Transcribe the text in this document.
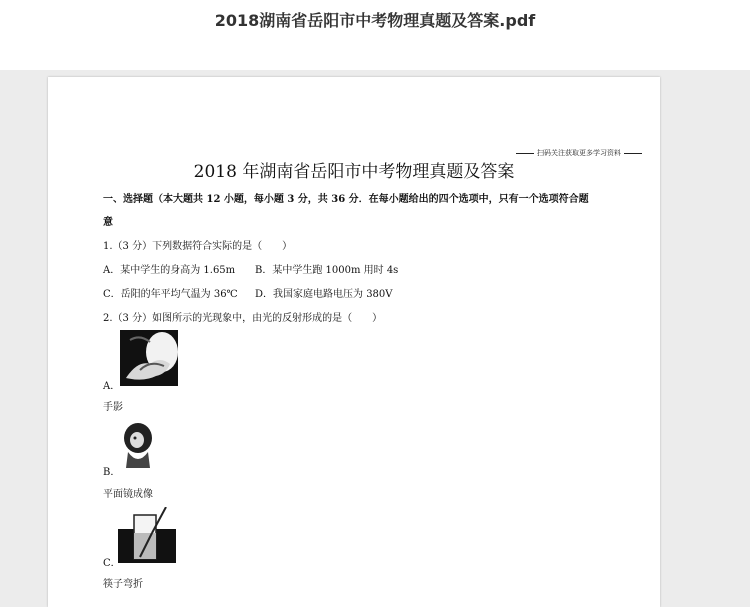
2018湖南省岳阳市中考物理真题及答案.pdf
扫码关注获取更多学习资料
2018 年湖南省岳阳市中考物理真题及答案
一、选择题（本大题共 12 小题，每小题 3 分，共 36 分．在每小题给出的四个选项中，只有一个选项符合题
意
1.（3 分）下列数据符合实际的是（　　）
A．某中学生的身高为 1.65m B．某中学生跑 1000m 用时 4s
C．岳阳的年平均气温为 36℃ D．我国家庭电路电压为 380V
2.（3 分）如图所示的光现象中，由光的反射形成的是（　　）
A．
手影
B．
平面镜成像
C．
筷子弯折
